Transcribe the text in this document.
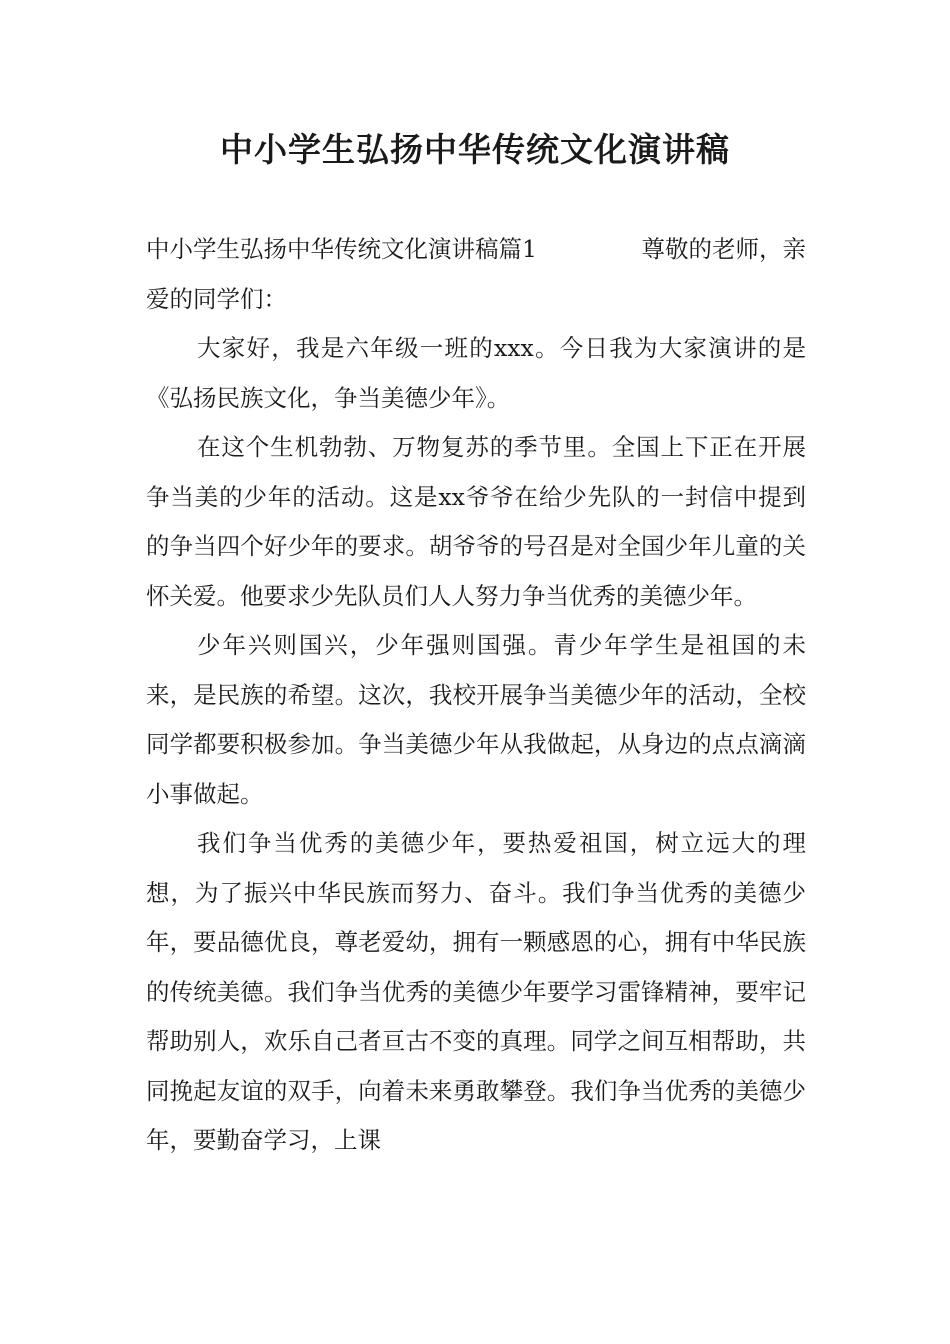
中小学生弘扬中华传统文化演讲稿
中小学生弘扬中华传统文化演讲稿篇1	尊敬的老师，亲
爱的同学们：

大家好，我是六年级一班的xxx。今日我为大家演讲的是《弘扬民族文化，争当美德少年》。

在这个生机勃勃、万物复苏的季节里。全国上下正在开展争当美的少年的活动。这是xx爷爷在给少先队的一封信中提到的争当四个好少年的要求。胡爷爷的号召是对全国少年儿童的关怀关爱。他要求少先队员们人人努力争当优秀的美德少年。

少年兴则国兴，少年强则国强。青少年学生是祖国的未来，是民族的希望。这次，我校开展争当美德少年的活动，全校同学都要积极参加。争当美德少年从我做起，从身边的点点滴滴小事做起。

我们争当优秀的美德少年，要热爱祖国，树立远大的理想，为了振兴中华民族而努力、奋斗。我们争当优秀的美德少年，要品德优良，尊老爱幼，拥有一颗感恩的心，拥有中华民族的传统美德。我们争当优秀的美德少年要学习雷锋精神，要牢记帮助别人，欢乐自己者亘古不变的真理。同学之间互相帮助，共同挽起友谊的双手，向着未来勇敢攀登。我们争当优秀的美德少年，要勤奋学习，上课
